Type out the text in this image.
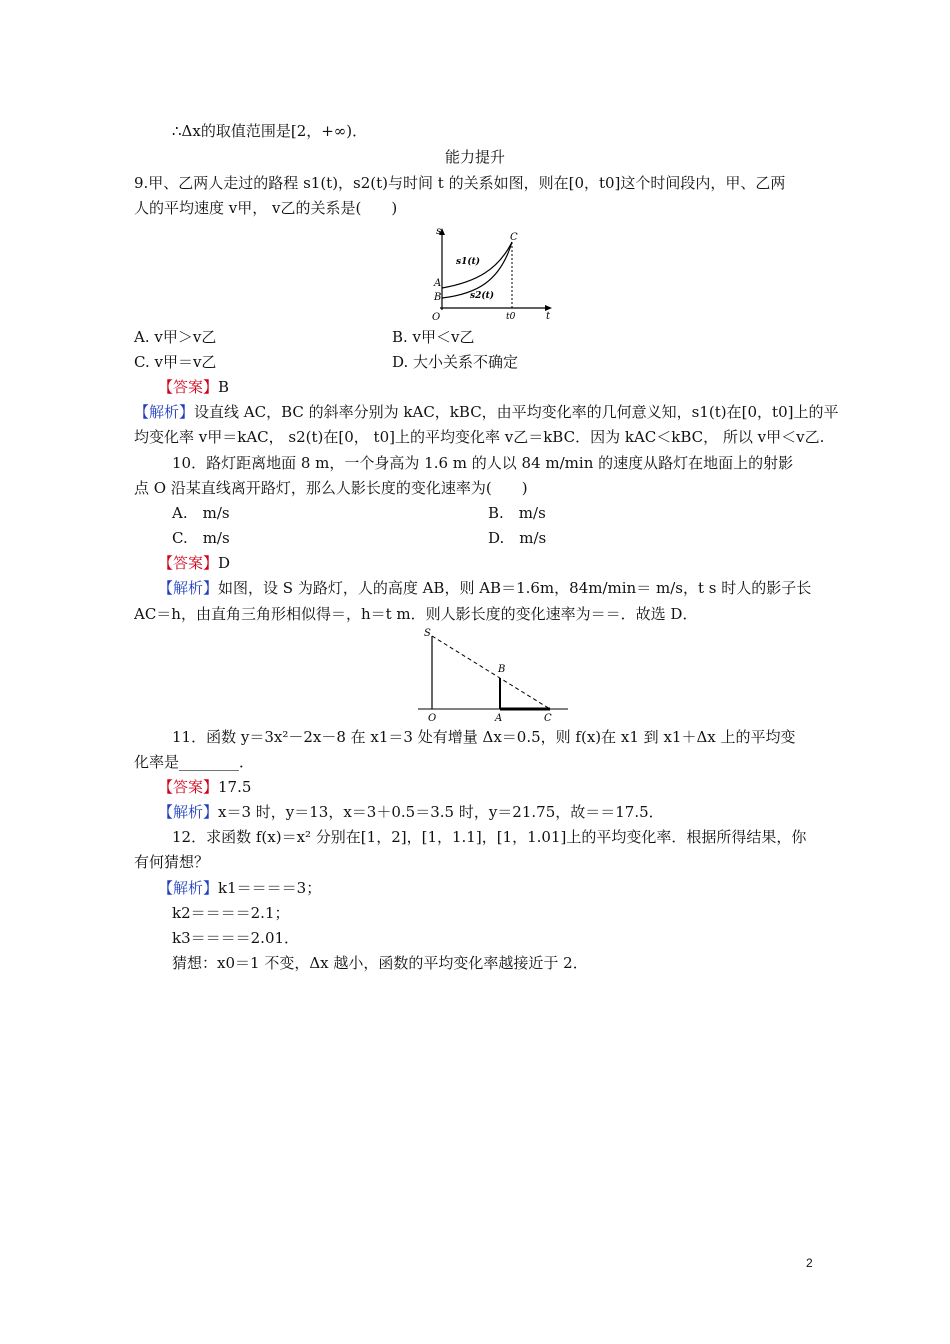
∴Δx的取值范围是[2，+∞)．
能力提升
9.甲、乙两人走过的路程 s1(t)，s2(t)与时间 t 的关系如图，则在[0，t0]这个时间段内，甲、乙两
人的平均速度 v甲， v乙的关系是(　　)
s
t
O
A
B
C
t0
s1(t)
s2(t)
A. v甲＞v乙	B. v甲＜v乙
C. v甲＝v乙	D. 大小关系不确定
【答案】B
【解析】设直线 AC，BC 的斜率分别为 kAC，kBC，由平均变化率的几何意义知，s1(t)在[0，t0]上的平
均变化率 v甲＝kAC， s2(t)在[0， t0]上的平均变化率 v乙＝kBC．因为 kAC＜kBC， 所以 v甲＜v乙.
10．路灯距离地面 8 m，一个身高为 1.6 m 的人以 84 m/min 的速度从路灯在地面上的射影
点 O 沿某直线离开路灯，那么人影长度的变化速率为(　　)
A.　m/s	B.　m/s
C.　m/s	D.　m/s
【答案】D
【解析】如图，设 S 为路灯，人的高度 AB，则 AB＝1.6m，84m/min＝ m/s，t s 时人的影子长
AC＝h，由直角三角形相似得＝，h＝t m．则人影长度的变化速率为＝＝．故选 D．
S
B
O	A	C
11．函数 y＝3x²－2x－8 在 x1＝3 处有增量 Δx＝0.5，则 f(x)在 x1 到 x1＋Δx 上的平均变
化率是________．
【答案】17.5
【解析】x＝3 时，y＝13，x＝3＋0.5＝3.5 时，y＝21.75，故＝＝17.5．
12．求函数 f(x)＝x² 分别在[1，2]，[1，1.1]，[1，1.01]上的平均变化率．根据所得结果，你
有何猜想？
【解析】k1＝＝＝＝3；
k2＝＝＝＝2.1；
k3＝＝＝＝2.01．
猜想：x0＝1 不变，Δx 越小，函数的平均变化率越接近于 2．
2
